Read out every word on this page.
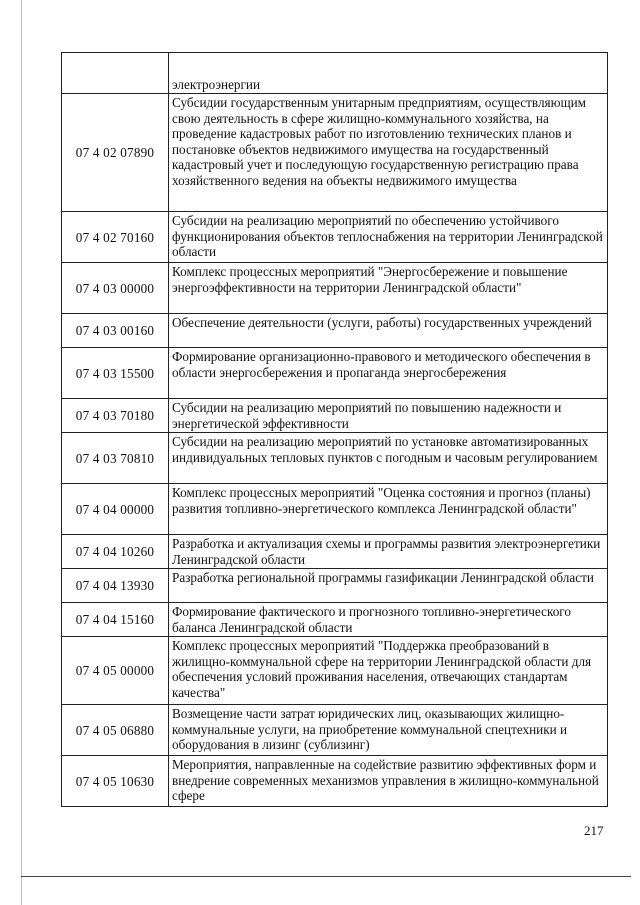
	электроэнергии
07 4 02 07890	Субсидии государственным унитарным предприятиям, осуществляющим свою деятельность в сфере жилищно-коммунального хозяйства, на проведение кадастровых работ по изготовлению технических планов и постановке объектов недвижимого имущества на государственный кадастровый учет и последующую государственную регистрацию права хозяйственного ведения на объекты недвижимого имущества
07 4 02 70160	Субсидии на реализацию мероприятий по обеспечению устойчивого функционирования объектов теплоснабжения на территории Ленинградской области
07 4 03 00000	Комплекс процессных мероприятий "Энергосбережение и повышение энергоэффективности на территории Ленинградской области"
07 4 03 00160	Обеспечение деятельности (услуги, работы) государственных учреждений
07 4 03 15500	Формирование организационно-правового и методического обеспечения в области энергосбережения и пропаганда энергосбережения
07 4 03 70180	Субсидии на реализацию мероприятий по повышению надежности и энергетической эффективности
07 4 03 70810	Субсидии на реализацию мероприятий по установке автоматизированных индивидуальных тепловых пунктов с погодным и часовым регулированием
07 4 04 00000	Комплекс процессных мероприятий "Оценка состояния и прогноз (планы) развития топливно-энергетического комплекса Ленинградской области"
07 4 04 10260	Разработка и актуализация схемы и программы развития электроэнергетики Ленинградской области
07 4 04 13930	Разработка региональной программы газификации Ленинградской области
07 4 04 15160	Формирование фактического и прогнозного топливно-энергетического баланса Ленинградской области
07 4 05 00000	Комплекс процессных мероприятий "Поддержка преобразований в жилищно-коммунальной сфере на территории Ленинградской области для обеспечения условий проживания населения, отвечающих стандартам качества"
07 4 05 06880	Возмещение части затрат юридических лиц, оказывающих жилищно-коммунальные услуги, на приобретение коммунальной спецтехники и оборудования в лизинг (сублизинг)
07 4 05 10630	Мероприятия, направленные на содействие развитию эффективных форм и внедрение современных механизмов управления в жилищно-коммунальной сфере
217
